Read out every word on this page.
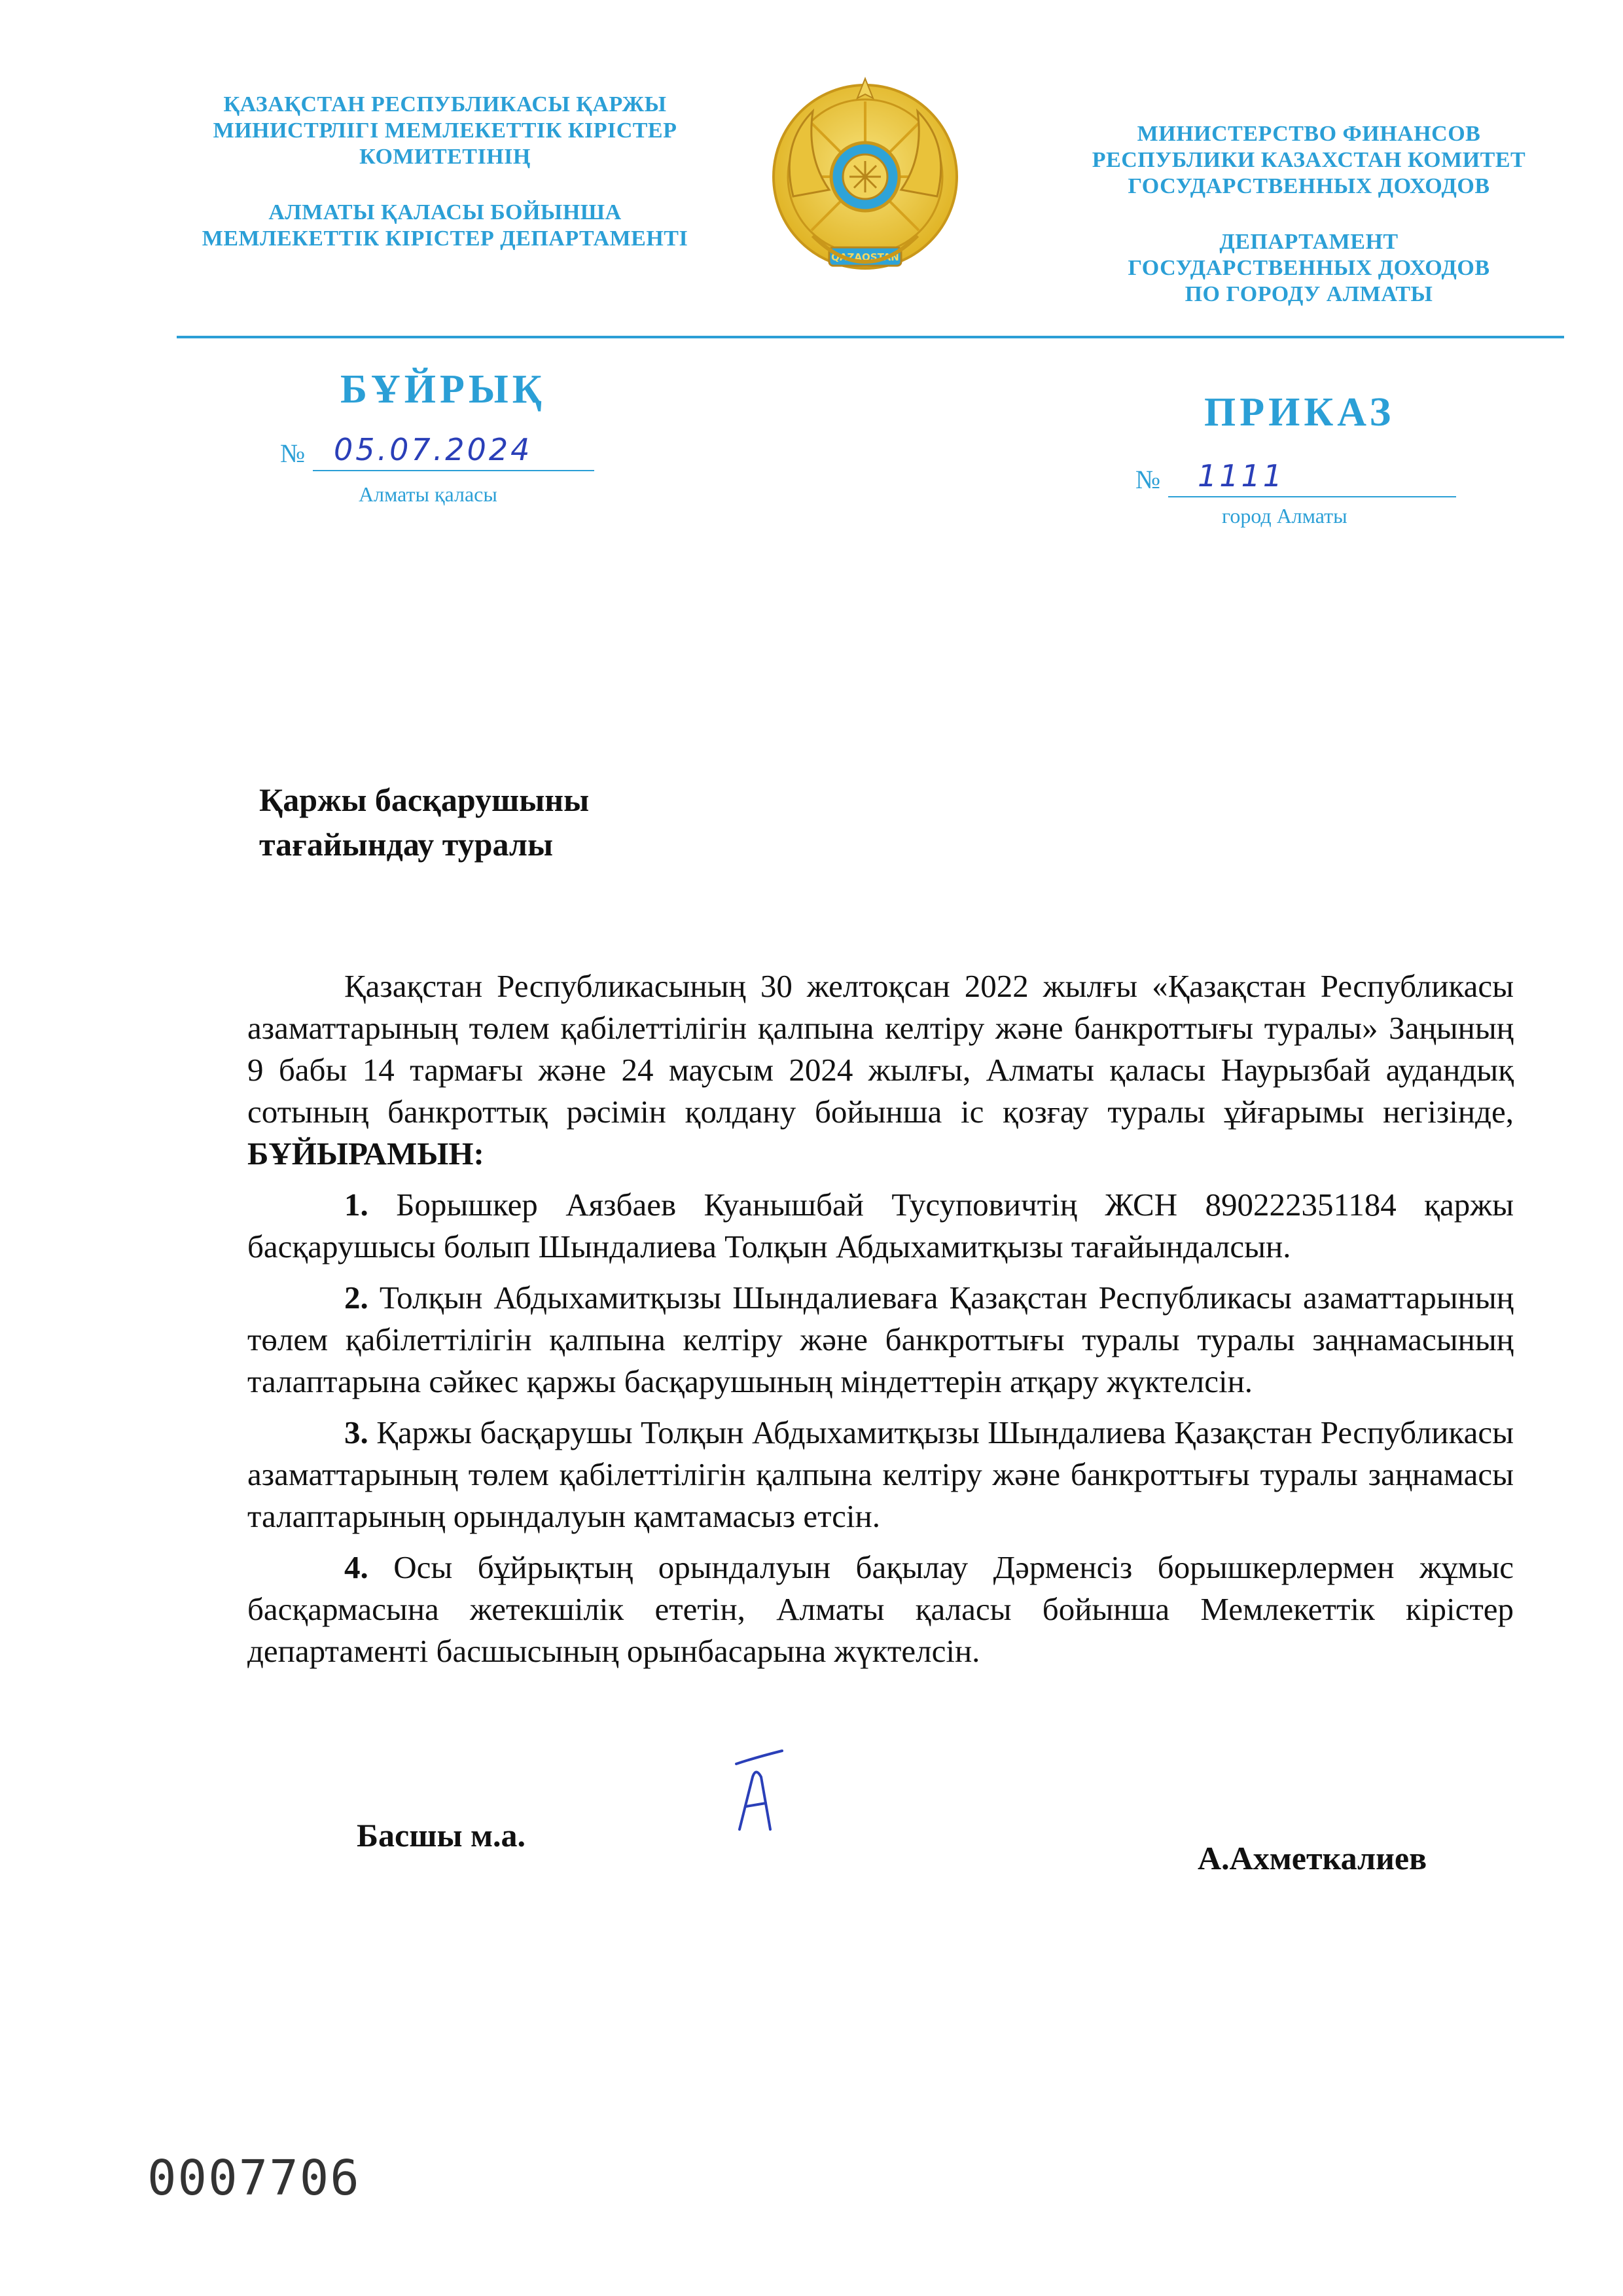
ҚАЗАҚСТАН РЕСПУБЛИКАСЫ ҚАРЖЫ
МИНИСТРЛІГІ МЕМЛЕКЕТТІК КІРІСТЕР
КОМИТЕТІНІҢ
АЛМАТЫ ҚАЛАСЫ БОЙЫНША
МЕМЛЕКЕТТІК КІРІСТЕР ДЕПАРТАМЕНТІ
QAZAQSTAN
МИНИСТЕРСТВО ФИНАНСОВ
РЕСПУБЛИКИ КАЗАХСТАН КОМИТЕТ
ГОСУДАРСТВЕННЫХ ДОХОДОВ
ДЕПАРТАМЕНТ
ГОСУДАРСТВЕННЫХ ДОХОДОВ
ПО ГОРОДУ АЛМАТЫ
БҰЙРЫҚ
ПРИКАЗ
№ 05.07.2024
Алматы қаласы	№ 1111
город Алматы
Қаржы басқарушыны
тағайындау туралы

Қазақстан Республикасының 30 желтоқсан 2022 жылғы «Қазақстан Республикасы азаматтарының төлем қабілеттілігін қалпына келтіру және банкроттығы туралы» Заңының 9 бабы 14 тармағы және 24 маусым 2024 жылғы, Алматы қаласы Наурызбай аудандық сотының банкроттық рәсімін қолдану бойынша іс қозғау туралы ұйғарымы негізінде, БҰЙЫРАМЫН:

1. Борышкер Аязбаев Куанышбай Тусуповичтің ЖСН 890222351184 қаржы басқарушысы болып Шындалиева Толқын Абдыхамитқызы тағайындалсын.

2. Толқын Абдыхамитқызы Шындалиеваға Қазақстан Республикасы азаматтарының төлем қабілеттілігін қалпына келтіру және банкроттығы туралы туралы заңнамасының талаптарына сәйкес қаржы басқарушының міндеттерін атқару жүктелсін.

3. Қаржы басқарушы Толқын Абдыхамитқызы Шындалиева Қазақстан Республикасы азаматтарының төлем қабілеттілігін қалпына келтіру және банкроттығы туралы заңнамасы талаптарының орындалуын қамтамасыз етсін.

4. Осы бұйрықтың орындалуын бақылау Дәрменсіз борышкерлермен жұмыс басқармасына жетекшілік ететін, Алматы қаласы бойынша Мемлекеттік кірістер департаменті басшысының орынбасарына жүктелсін.

Басшы м.а.
А.Ахметкалиев
0007706
